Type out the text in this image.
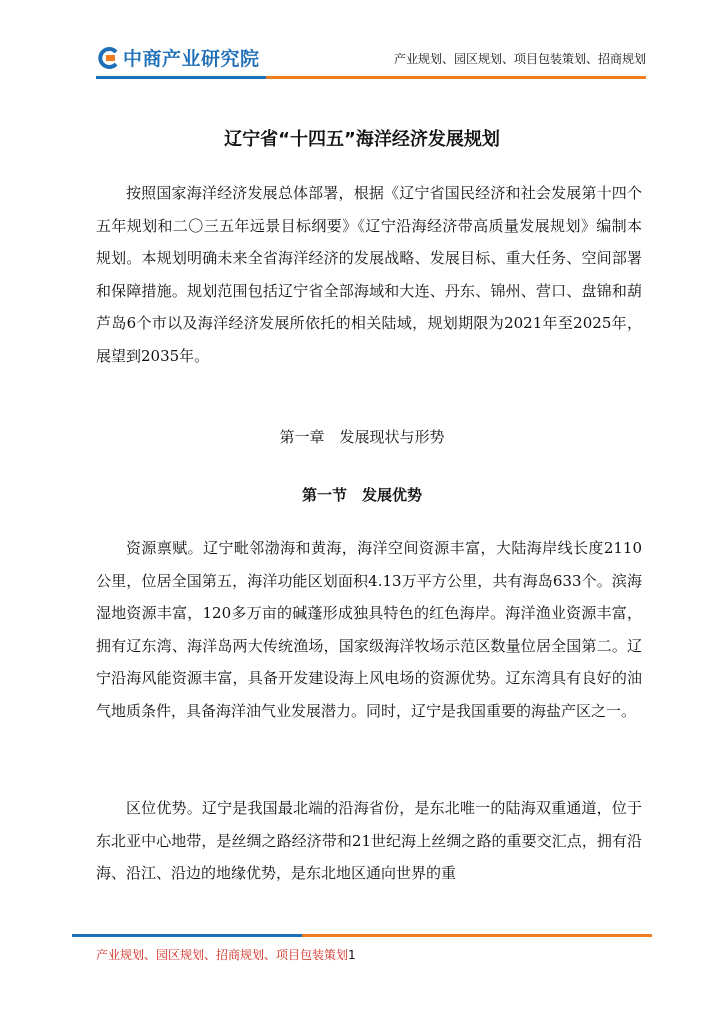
中商产业研究院	产业规划、园区规划、项目包装策划、招商规划
辽宁省“十四五”海洋经济发展规划

按照国家海洋经济发展总体部署，根据《辽宁省国民经济和社会发展第十四个五年规划和二〇三五年远景目标纲要》《辽宁沿海经济带高质量发展规划》编制本规划。本规划明确未来全省海洋经济的发展战略、发展目标、重大任务、空间部署和保障措施。规划范围包括辽宁省全部海域和大连、丹东、锦州、营口、盘锦和葫芦岛6个市以及海洋经济发展所依托的相关陆域，规划期限为2021年至2025年，展望到2035年。

第一章　发展现状与形势
第一节　发展优势

资源禀赋。辽宁毗邻渤海和黄海，海洋空间资源丰富，大陆海岸线长度2110公里，位居全国第五，海洋功能区划面积4.13万平方公里，共有海岛633个。滨海湿地资源丰富，120多万亩的碱蓬形成独具特色的红色海岸。海洋渔业资源丰富，拥有辽东湾、海洋岛两大传统渔场，国家级海洋牧场示范区数量位居全国第二。辽宁沿海风能资源丰富，具备开发建设海上风电场的资源优势。辽东湾具有良好的油气地质条件，具备海洋油气业发展潜力。同时，辽宁是我国重要的海盐产区之一。

区位优势。辽宁是我国最北端的沿海省份，是东北唯一的陆海双重通道，位于东北亚中心地带，是丝绸之路经济带和21世纪海上丝绸之路的重要交汇点，拥有沿海、沿江、沿边的地缘优势，是东北地区通向世界的重

产业规划、园区规划、招商规划、项目包装策划1
